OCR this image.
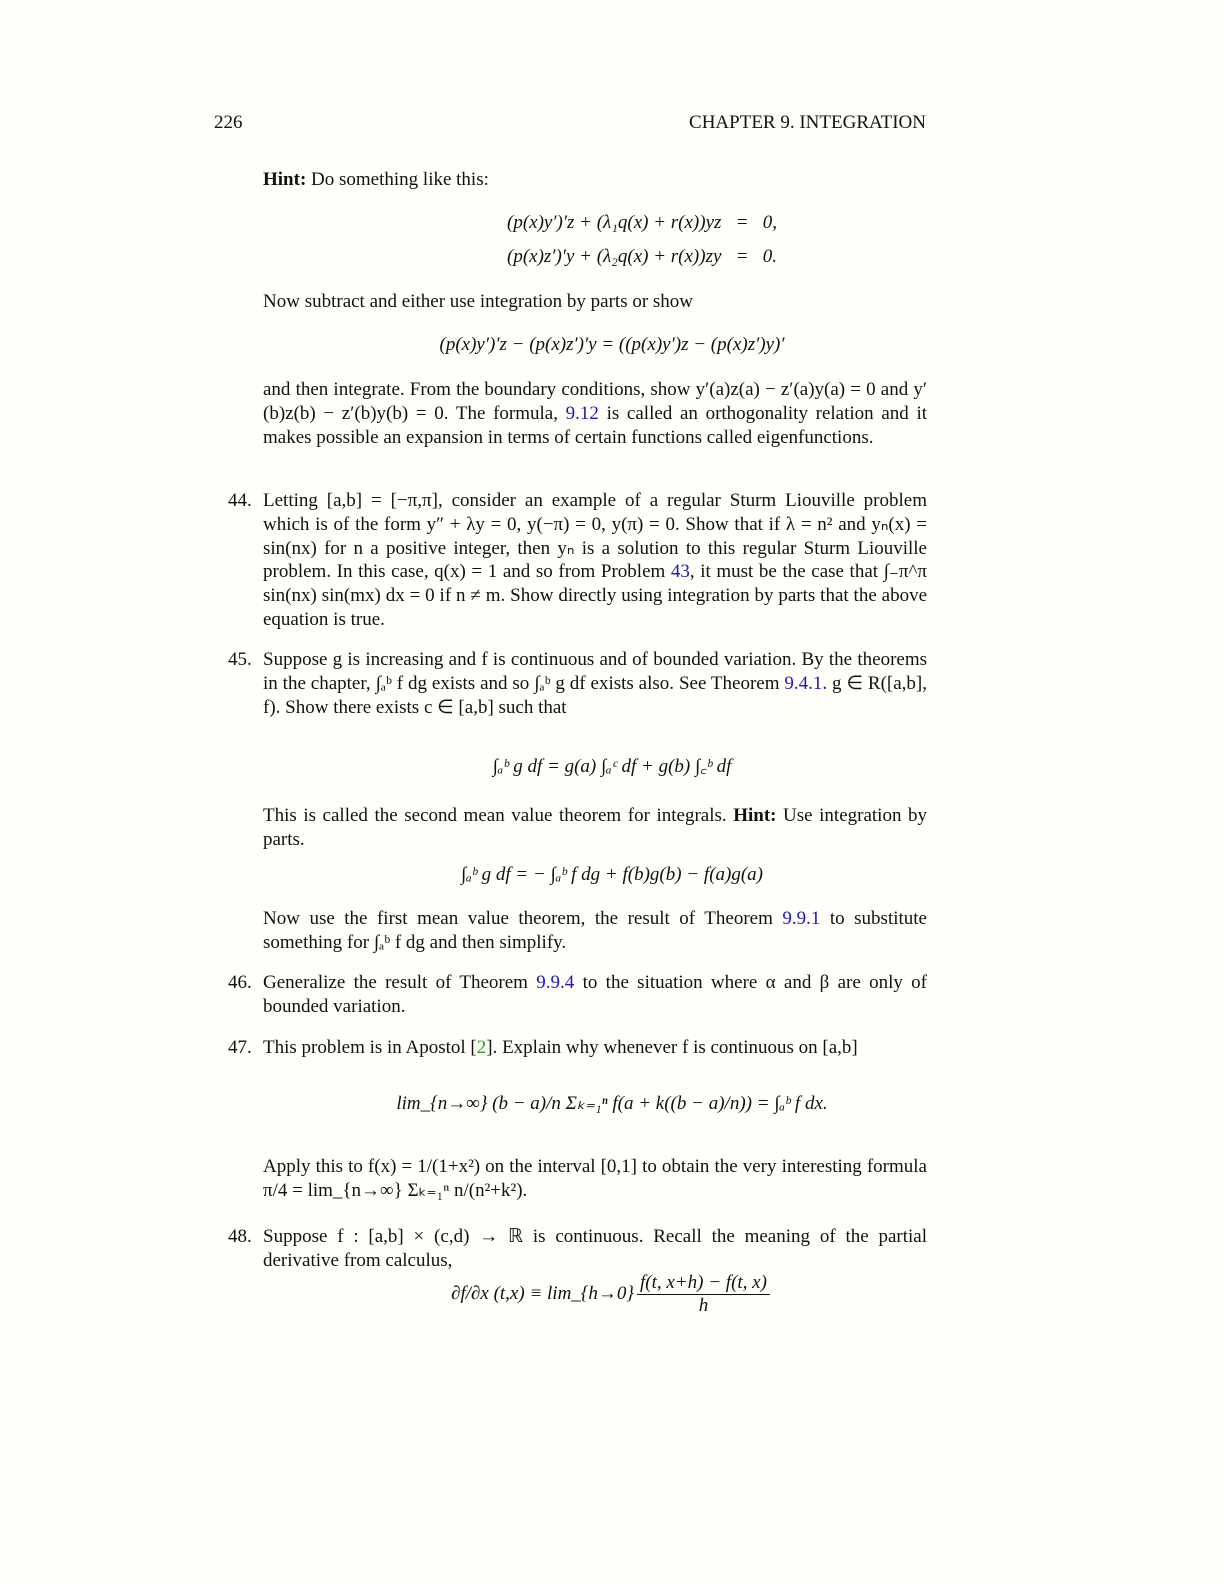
226	CHAPTER 9. INTEGRATION
Hint: Do something like this:
(p(x)y′)′z + (λ₁q(x) + r(x))yz   =   0,
(p(x)z′)′y + (λ₂q(x) + r(x))zy   =   0.
Now subtract and either use integration by parts or show
(p(x)y′)′z − (p(x)z′)′y = ((p(x)y′)z − (p(x)z′)y)′
and then integrate. From the boundary conditions, show y′(a)z(a) − z′(a)y(a) = 0 and y′(b)z(b) − z′(b)y(b) = 0. The formula, 9.12 is called an orthogonality relation and it makes possible an expansion in terms of certain functions called eigenfunctions.
44. Letting [a,b] = [−π,π], consider an example of a regular Sturm Liouville problem which is of the form y″ + λy = 0, y(−π) = 0, y(π) = 0. Show that if λ = n² and yₙ(x) = sin(nx) for n a positive integer, then yₙ is a solution to this regular Sturm Liouville problem. In this case, q(x) = 1 and so from Problem 43, it must be the case that ∫₋π^π sin(nx) sin(mx) dx = 0 if n ≠ m. Show directly using integration by parts that the above equation is true.
45. Suppose g is increasing and f is continuous and of bounded variation. By the theorems in the chapter, ∫ₐᵇ f dg exists and so ∫ₐᵇ g df exists also. See Theorem 9.4.1. g ∈ R([a,b], f). Show there exists c ∈ [a,b] such that
∫ₐᵇ g df = g(a) ∫ₐᶜ df + g(b) ∫꜀ᵇ df
This is called the second mean value theorem for integrals. Hint: Use integration by parts.
∫ₐᵇ g df = − ∫ₐᵇ f dg + f(b)g(b) − f(a)g(a)
Now use the first mean value theorem, the result of Theorem 9.9.1 to substitute something for ∫ₐᵇ f dg and then simplify.
46. Generalize the result of Theorem 9.9.4 to the situation where α and β are only of bounded variation.
47. This problem is in Apostol [2]. Explain why whenever f is continuous on [a,b]
lim_{n→∞} (b − a)/n Σₖ₌₁ⁿ f(a + k((b − a)/n)) = ∫ₐᵇ f dx.
Apply this to f(x) = 1/(1+x²) on the interval [0,1] to obtain the very interesting formula π/4 = lim_{n→∞} Σₖ₌₁ⁿ n/(n²+k²).
48. Suppose f : [a,b] × (c,d) → ℝ is continuous. Recall the meaning of the partial derivative from calculus,
∂f/∂x (t,x) ≡ lim_{h→0} $\frac{f(t, x+h) - f(t, x)}{h}$
